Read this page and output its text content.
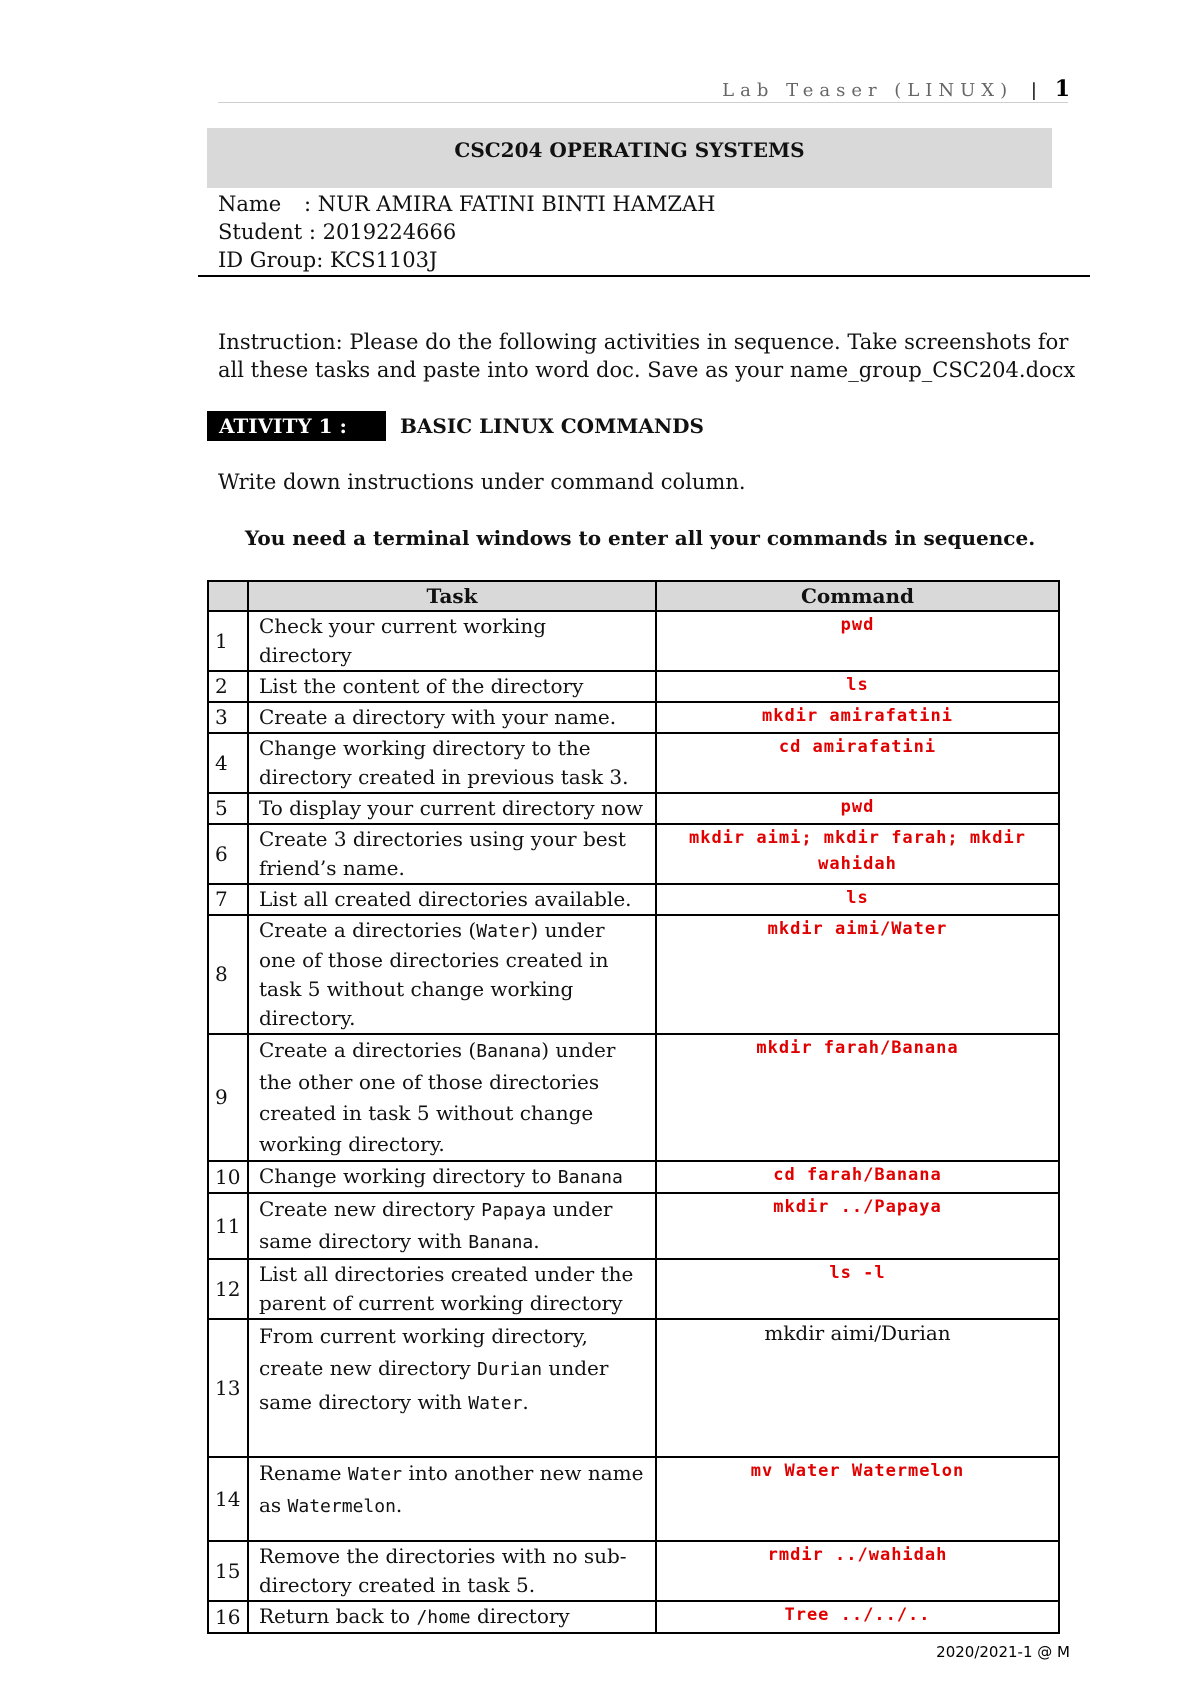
Lab Teaser (LINUX) | 1
CSC204 OPERATING SYSTEMS
Name : NUR AMIRA FATINI BINTI HAMZAH
Student : 2019224666
ID Group: KCS1103J
Instruction: Please do the following activities in sequence. Take screenshots for all these tasks and paste into word doc. Save as your name_group_CSC204.docx
ATIVITY 1 :	BASIC LINUX COMMANDS
Write down instructions under command column.
You need a terminal windows to enter all your commands in sequence.
	Task	Command
1	Check your current working directory	pwd
2	List the content of the directory	ls
3	Create a directory with your name.	mkdir amirafatini
4	Change working directory to the directory created in previous task 3.	cd amirafatini
5	To display your current directory now	pwd
6	Create 3 directories using your best friend’s name.	mkdir aimi; mkdir farah; mkdir wahidah
7	List all created directories available.	ls
8	Create a directories (Water) under one of those directories created in task 5 without change working directory.	mkdir aimi/Water
9	Create a directories (Banana) under the other one of those directories created in task 5 without change working directory.	mkdir farah/Banana
10	Change working directory to Banana	cd farah/Banana
11	Create new directory Papaya under same directory with Banana.	mkdir ../Papaya
12	List all directories created under the parent of current working directory	ls -l
13	From current working directory, create new directory Durian under same directory with Water.	mkdir aimi/Durian
14	Rename Water into another new name as Watermelon.	mv Water Watermelon
15	Remove the directories with no sub-directory created in task 5.	rmdir ../wahidah
16	Return back to /home directory	Tree ../../..
2020/2021-1 @ M
